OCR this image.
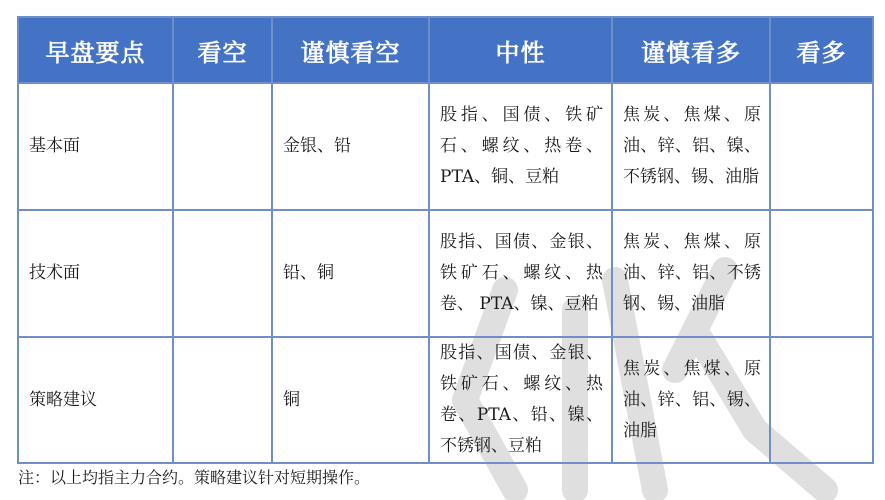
早盘要点	看空	谨慎看空	中性	谨慎看多	看多
基本面		金银、铅	股指、国债、铁矿石、螺纹、热卷、PTA、铜、豆粕	焦炭、焦煤、原油、锌、铝、镍、不锈钢、锡、油脂	
技术面		铅、铜	股指、国债、金银、铁矿石、螺纹、热卷、 PTA、镍、豆粕	焦炭、焦煤、原油、锌、铝、不锈钢、锡、油脂	
策略建议		铜	股指、国债、金银、铁矿石、螺纹、热卷、PTA、铅、镍、不锈钢、豆粕	焦炭、焦煤、原油、锌、铝、锡、油脂	
注：以上均指主力合约。策略建议针对短期操作。
